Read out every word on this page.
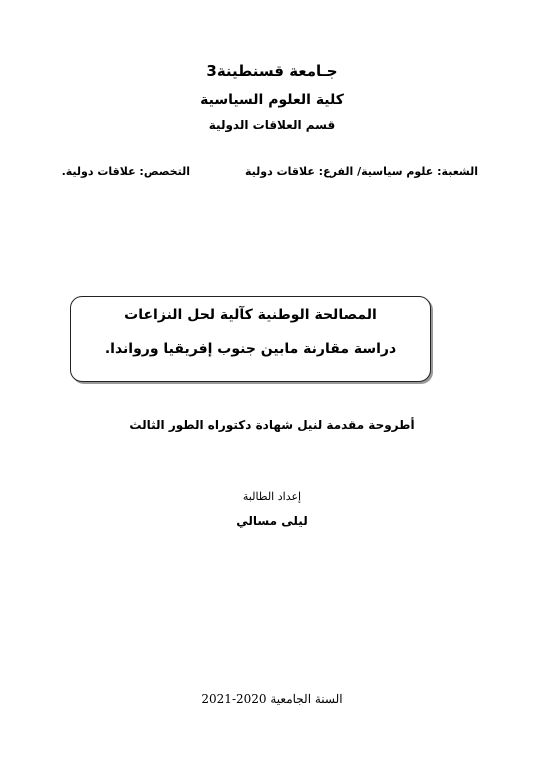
جـامعة قسنطينة3
كلية العلوم السياسية
قسم العلاقات الدولية
الشعبة: علوم سياسية/ الفرع: علاقات دولية
التخصص: علاقات دولية.
المصالحة الوطنية كآلية لحل النزاعات
دراسة مقارنة مابين جنوب إفريقيا ورواندا.
أطروحة مقدمة لنيل شهادة دكتوراه الطور الثالث
إعداد الطالبة
ليلى مسالي
السنة الجامعية 2020-2021
